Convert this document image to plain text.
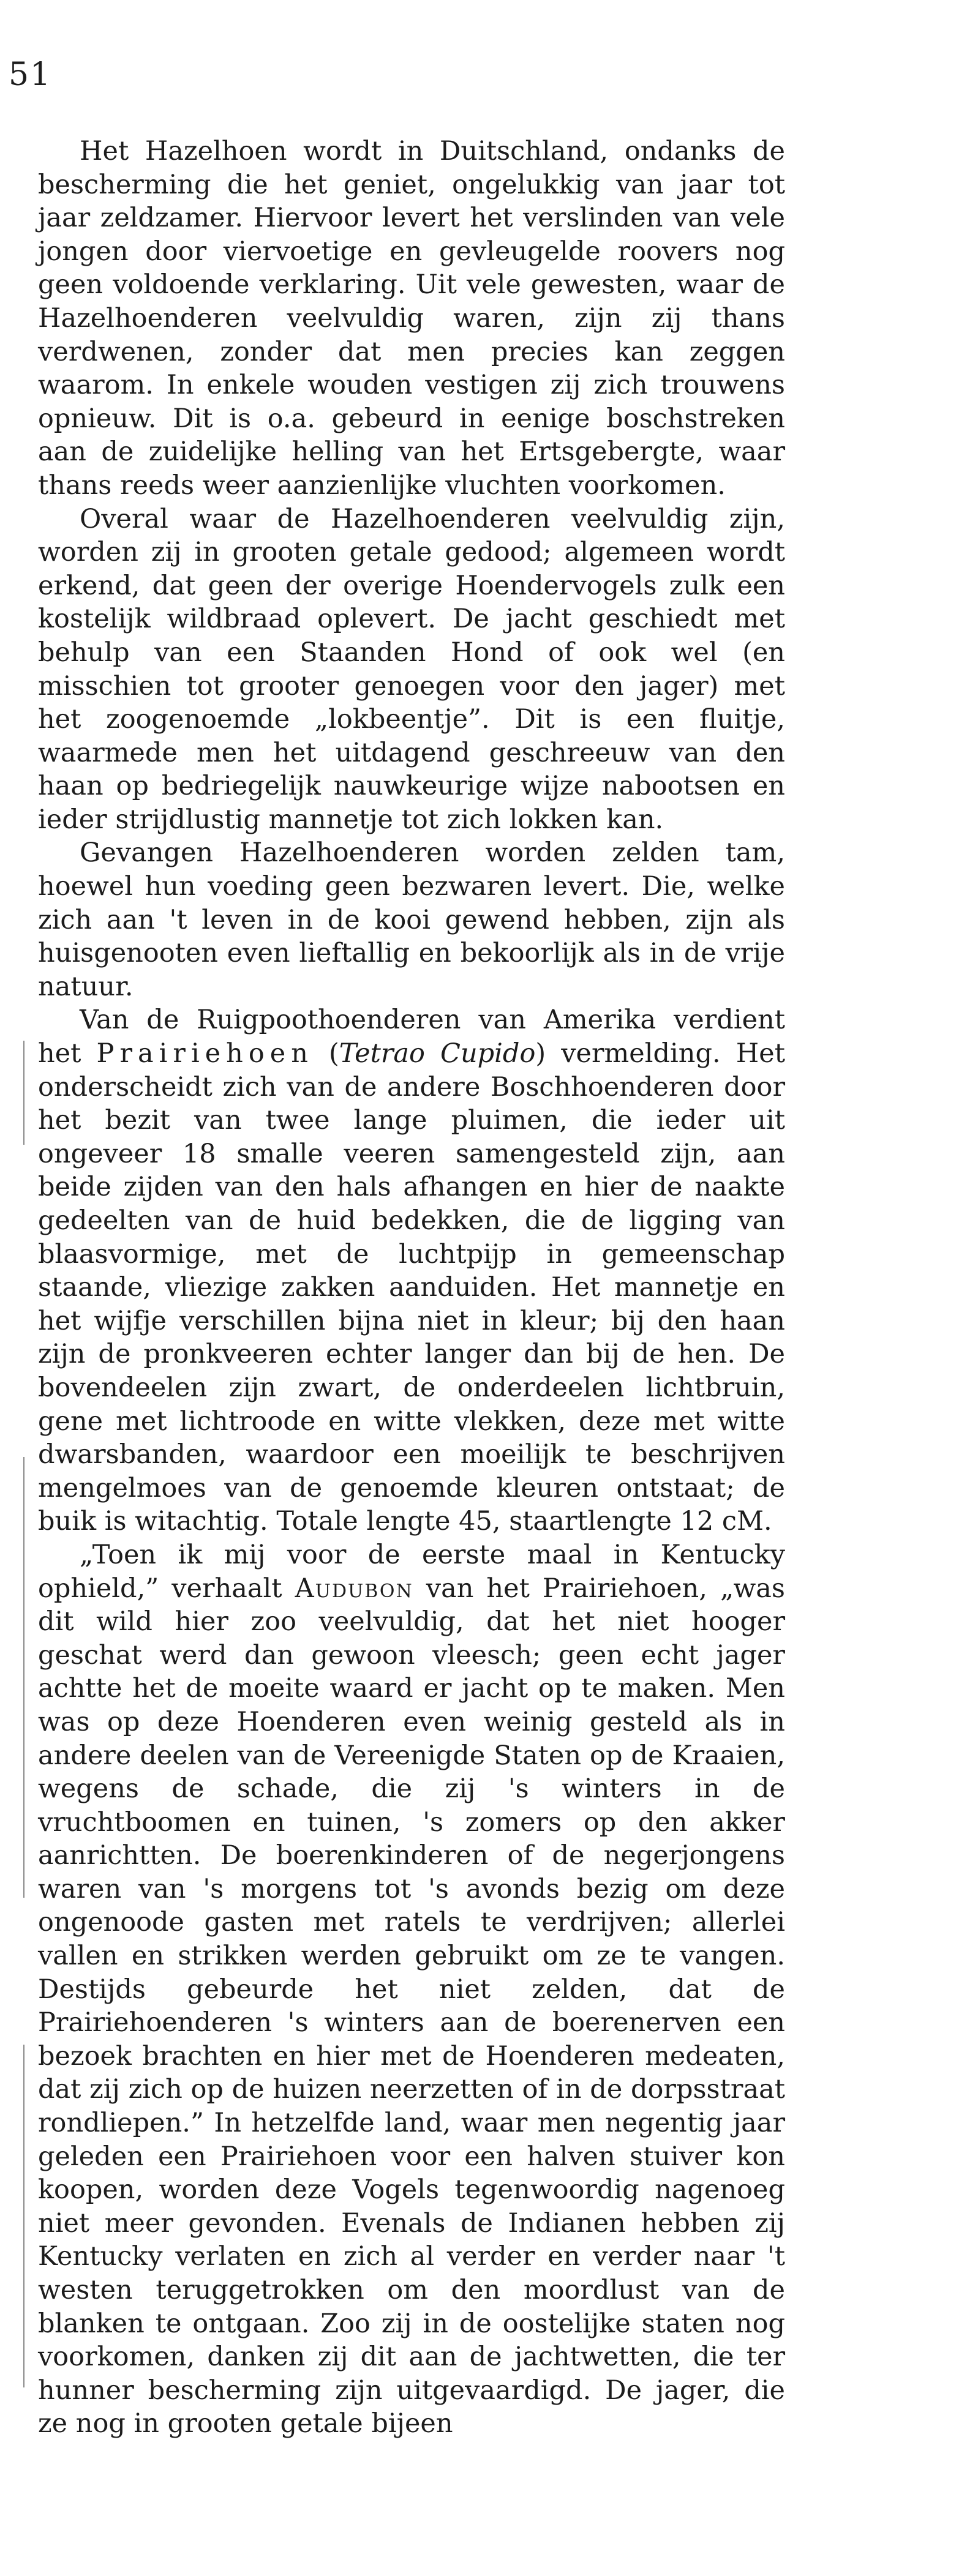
51

Het Hazelhoen wordt in Duitschland, ondanks de bescherming die het geniet, ongelukkig van jaar tot jaar zeldzamer. Hiervoor levert het verslinden van vele jongen door viervoetige en gevleugelde roovers nog geen voldoende verklaring. Uit vele gewesten, waar de Hazelhoenderen veelvuldig waren, zijn zij thans verdwenen, zonder dat men precies kan zeggen waarom. In enkele wouden vestigen zij zich trouwens opnieuw. Dit is o.a. gebeurd in eenige boschstreken aan de zuidelijke helling van het Ertsgebergte, waar thans reeds weer aanzienlijke vluchten voorkomen.

Overal waar de Hazelhoenderen veelvuldig zijn, worden zij in grooten getale gedood; algemeen wordt erkend, dat geen der overige Hoendervogels zulk een kostelijk wildbraad oplevert. De jacht geschiedt met behulp van een Staanden Hond of ook wel (en misschien tot grooter genoegen voor den jager) met het zoogenoemde „lokbeentje”. Dit is een fluitje, waarmede men het uitdagend geschreeuw van den haan op bedriegelijk nauwkeurige wijze nabootsen en ieder strijdlustig mannetje tot zich lokken kan.

Gevangen Hazelhoenderen worden zelden tam, hoewel hun voeding geen bezwaren levert. Die, welke zich aan 't leven in de kooi gewend hebben, zijn als huisgenooten even lieftallig en bekoorlijk als in de vrije natuur.

Van de Ruigpoothoenderen van Amerika verdient het Prairiehoen (Tetrao Cupido) vermelding. Het onderscheidt zich van de andere Boschhoenderen door het bezit van twee lange pluimen, die ieder uit ongeveer 18 smalle veeren samengesteld zijn, aan beide zijden van den hals afhangen en hier de naakte gedeelten van de huid bedekken, die de ligging van blaasvormige, met de luchtpijp in gemeenschap staande, vliezige zakken aanduiden. Het mannetje en het wijfje verschillen bijna niet in kleur; bij den haan zijn de pronkveeren echter langer dan bij de hen. De bovendeelen zijn zwart, de onderdeelen lichtbruin, gene met lichtroode en witte vlekken, deze met witte dwarsbanden, waardoor een moeilijk te beschrijven mengelmoes van de genoemde kleuren ontstaat; de buik is witachtig. Totale lengte 45, staartlengte 12 cM.

„Toen ik mij voor de eerste maal in Kentucky ophield,” verhaalt Audubon van het Prairiehoen, „was dit wild hier zoo veelvuldig, dat het niet hooger geschat werd dan gewoon vleesch; geen echt jager achtte het de moeite waard er jacht op te maken. Men was op deze Hoenderen even weinig gesteld als in andere deelen van de Vereenigde Staten op de Kraaien, wegens de schade, die zij 's winters in de vruchtboomen en tuinen, 's zomers op den akker aanrichtten. De boerenkinderen of de negerjongens waren van 's morgens tot 's avonds bezig om deze ongenoode gasten met ratels te verdrijven; allerlei vallen en strikken werden gebruikt om ze te vangen. Destijds gebeurde het niet zelden, dat de Prairiehoenderen 's winters aan de boerenerven een bezoek brachten en hier met de Hoenderen medeaten, dat zij zich op de huizen neerzetten of in de dorpsstraat rondliepen.” In hetzelfde land, waar men negentig jaar geleden een Prairiehoen voor een halven stuiver kon koopen, worden deze Vogels tegenwoordig nagenoeg niet meer gevonden. Evenals de Indianen hebben zij Kentucky verlaten en zich al verder en verder naar 't westen teruggetrokken om den moordlust van de blanken te ontgaan. Zoo zij in de oostelijke staten nog voorkomen, danken zij dit aan de jachtwetten, die ter hunner bescherming zijn uitgevaardigd. De jager, die ze nog in grooten getale bijeen
